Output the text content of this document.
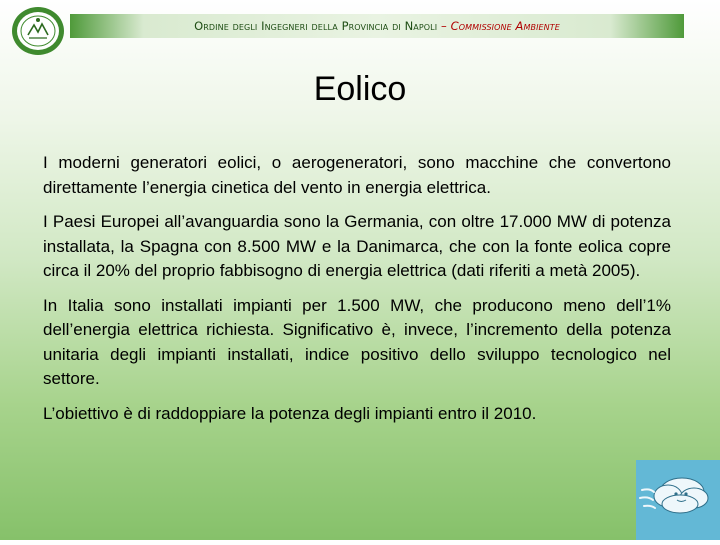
Ordine degli Ingegneri della Provincia di Napoli – Commissione Ambiente
Eolico

I moderni generatori eolici, o aerogeneratori, sono macchine che convertono direttamente l’energia cinetica del vento in energia elettrica.

I Paesi Europei all’avanguardia sono la Germania, con oltre 17.000 MW di potenza installata, la Spagna con 8.500 MW e la Danimarca, che con la fonte eolica copre circa il 20% del proprio fabbisogno di energia elettrica (dati riferiti a metà 2005).

In Italia sono installati impianti per 1.500 MW, che producono meno dell’1% dell’energia elettrica richiesta. Significativo è, invece, l’incremento della potenza unitaria degli impianti installati, indice positivo dello sviluppo tecnologico nel settore.

L’obiettivo è di raddoppiare la potenza degli impianti entro il 2010.
